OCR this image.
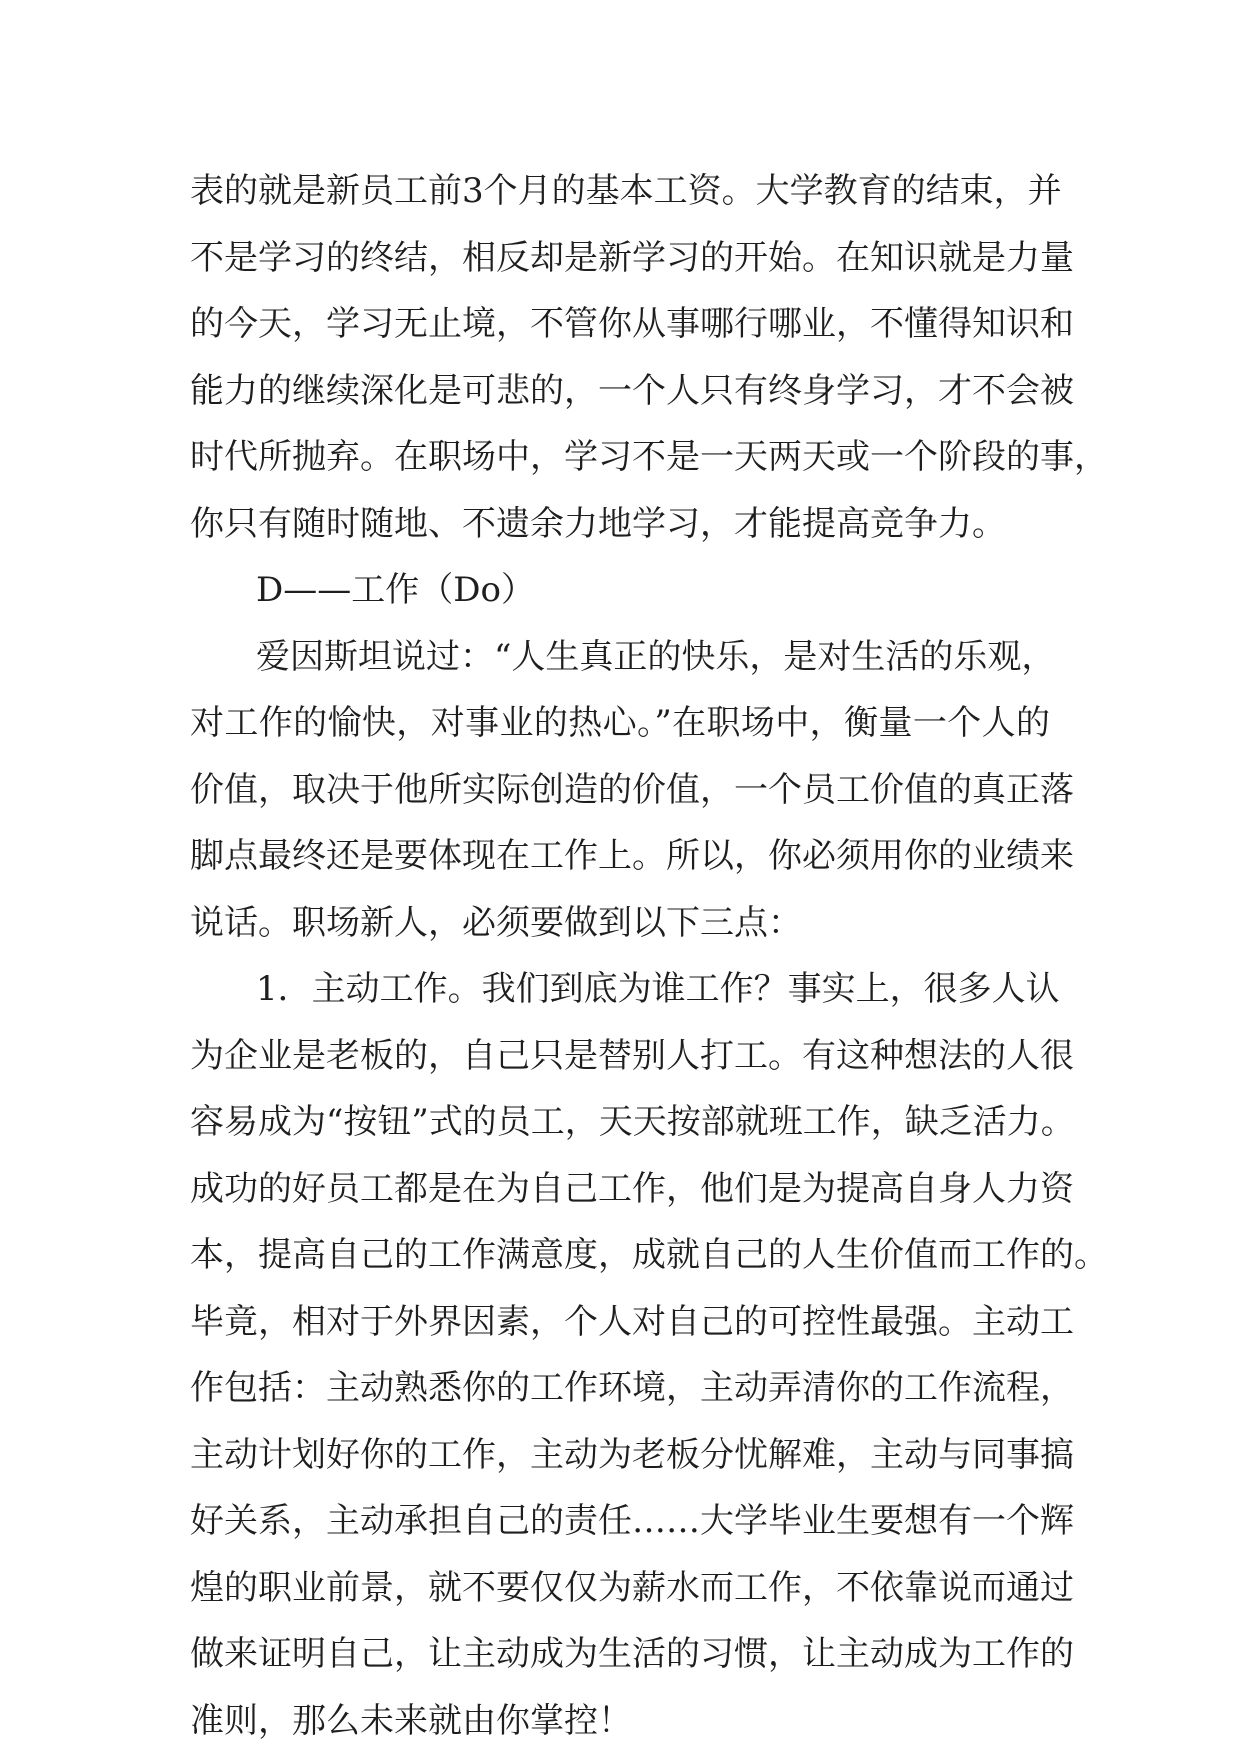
表的就是新员工前3个月的基本工资。大学教育的结束，并
不是学习的终结，相反却是新学习的开始。在知识就是力量
的今天，学习无止境，不管你从事哪行哪业，不懂得知识和
能力的继续深化是可悲的，一个人只有终身学习，才不会被
时代所抛弃。在职场中，学习不是一天两天或一个阶段的事，
你只有随时随地、不遗余力地学习，才能提高竞争力。
D——工作（Do）
爱因斯坦说过：“人生真正的快乐，是对生活的乐观，
对工作的愉快，对事业的热心。”在职场中，衡量一个人的
价值，取决于他所实际创造的价值，一个员工价值的真正落
脚点最终还是要体现在工作上。所以，你必须用你的业绩来
说话。职场新人，必须要做到以下三点：
1．主动工作。我们到底为谁工作？事实上，很多人认
为企业是老板的，自己只是替别人打工。有这种想法的人很
容易成为“按钮”式的员工，天天按部就班工作，缺乏活力。
成功的好员工都是在为自己工作，他们是为提高自身人力资
本，提高自己的工作满意度，成就自己的人生价值而工作的。
毕竟，相对于外界因素，个人对自己的可控性最强。主动工
作包括：主动熟悉你的工作环境，主动弄清你的工作流程，
主动计划好你的工作，主动为老板分忧解难，主动与同事搞
好关系，主动承担自己的责任……大学毕业生要想有一个辉
煌的职业前景，就不要仅仅为薪水而工作，不依靠说而通过
做来证明自己，让主动成为生活的习惯，让主动成为工作的
准则，那么未来就由你掌控！
